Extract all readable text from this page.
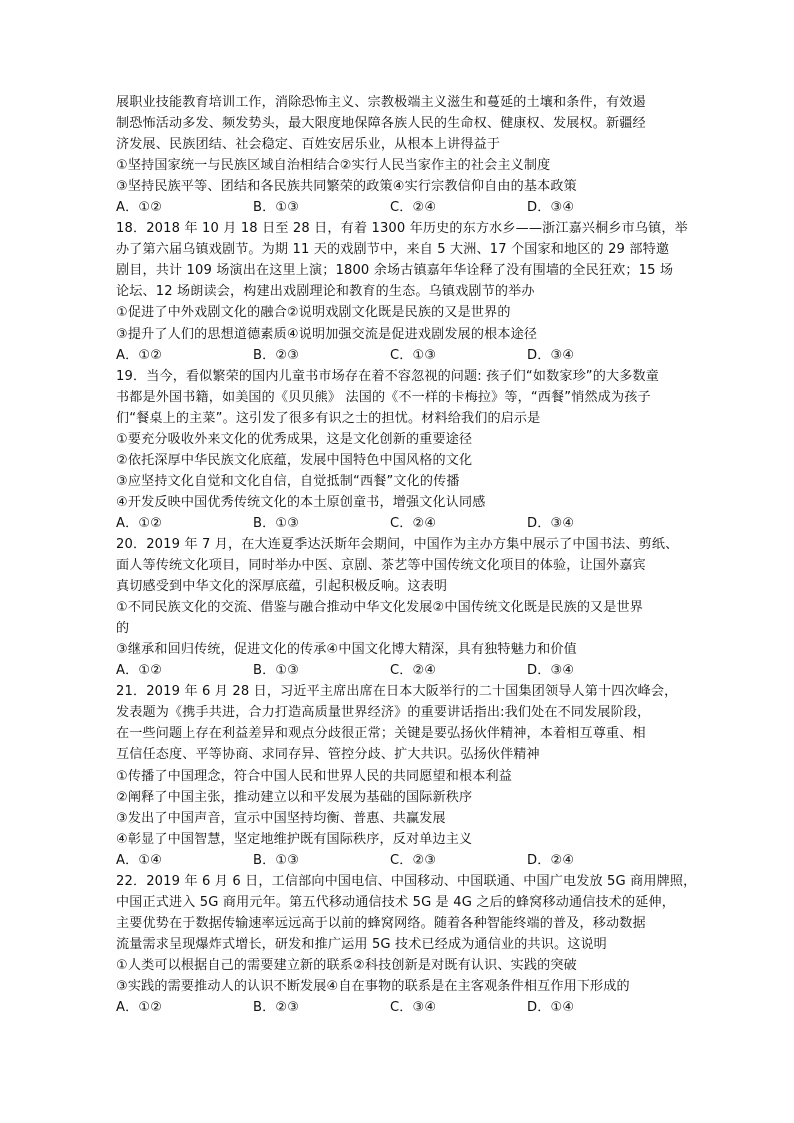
展职业技能教育培训工作，消除恐怖主义、宗教极端主义滋生和蔓延的土壤和条件，有效遏
制恐怖活动多发、频发势头，最大限度地保障各族人民的生命权、健康权、发展权。新疆经
济发展、民族团结、社会稳定、百姓安居乐业，从根本上讲得益于
①坚持国家统一与民族区域自治相结合②实行人民当家作主的社会主义制度
③坚持民族平等、团结和各民族共同繁荣的政策④实行宗教信仰自由的基本政策
A．①②	B．①③	C．②④	D．③④
18．2018 年 10 月 18 日至 28 日，有着 1300 年历史的东方水乡——浙江嘉兴桐乡市乌镇，举
办了第六届乌镇戏剧节。为期 11 天的戏剧节中，来自 5 大洲、17 个国家和地区的 29 部特邀
剧目，共计 109 场演出在这里上演；1800 余场古镇嘉年华诠释了没有围墙的全民狂欢；15 场
论坛、12 场朗读会，构建出戏剧理论和教育的生态。乌镇戏剧节的举办
①促进了中外戏剧文化的融合②说明戏剧文化既是民族的又是世界的
③提升了人们的思想道德素质④说明加强交流是促进戏剧发展的根本途径
A．①②	B．②③	C．①③	D．③④
19．当今，看似繁荣的国内儿童书市场存在着不容忽视的问题: 孩子们“如数家珍”的大多数童
书都是外国书籍，如美国的《贝贝熊》 法国的《不一样的卡梅拉》等，“西餐”悄然成为孩子
们“餐桌上的主菜”。这引发了很多有识之士的担忧。材料给我们的启示是
①要充分吸收外来文化的优秀成果，这是文化创新的重要途径
②依托深厚中华民族文化底蕴，发展中国特色中国风格的文化
③应坚持文化自觉和文化自信，自觉抵制“西餐”文化的传播
④开发反映中国优秀传统文化的本土原创童书，增强文化认同感
A．①②	B．①③	C．②④	D．③④
20．2019 年 7 月，在大连夏季达沃斯年会期间，中国作为主办方集中展示了中国书法、剪纸、
面人等传统文化项目，同时举办中医、京剧、茶艺等中国传统文化项目的体验，让国外嘉宾
真切感受到中华文化的深厚底蕴，引起积极反响。这表明
①不同民族文化的交流、借鉴与融合推动中华文化发展②中国传统文化既是民族的又是世界
的
③继承和回归传统，促进文化的传承④中国文化博大精深，具有独特魅力和价值
A．①②	B．①③	C．②④	D．③④
21．2019 年 6 月 28 日，习近平主席出席在日本大阪举行的二十国集团领导人第十四次峰会，
发表题为《携手共进，合力打造高质量世界经济》的重要讲话指出:我们处在不同发展阶段，
在一些问题上存在利益差异和观点分歧很正常；关键是要弘扬伙伴精神，本着相互尊重、相
互信任态度、平等协商、求同存异、管控分歧、扩大共识。弘扬伙伴精神
①传播了中国理念，符合中国人民和世界人民的共同愿望和根本利益
②阐释了中国主张，推动建立以和平发展为基础的国际新秩序
③发出了中国声音，宣示中国坚持均衡、普惠、共赢发展
④彰显了中国智慧，坚定地维护既有国际秩序，反对单边主义
A．①④	B．①③	C．②③	D．②④
22．2019 年 6 月 6 日，工信部向中国电信、中国移动、中国联通、中国广电发放 5G 商用牌照，
中国正式进入 5G 商用元年。第五代移动通信技术 5G 是 4G 之后的蜂窝移动通信技术的延伸，
主要优势在于数据传输速率远远高于以前的蜂窝网络。随着各种智能终端的普及，移动数据
流量需求呈现爆炸式增长，研发和推广运用 5G 技术已经成为通信业的共识。这说明
①人类可以根据自己的需要建立新的联系②科技创新是对既有认识、实践的突破
③实践的需要推动人的认识不断发展④自在事物的联系是在主客观条件相互作用下形成的
A．①②	B．②③	C．③④	D．①④
